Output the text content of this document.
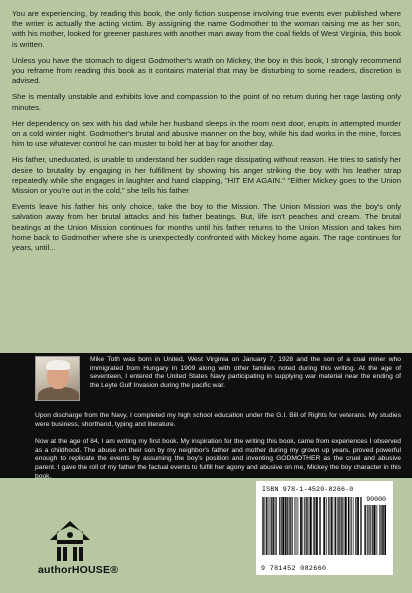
You are experiencing, by reading this book, the only fiction suspense involving true events ever published where the writer is actually the acting victim. By assigning the name Godmother to the woman raising me as her son, with his mother, looked for greener pastures with another man away from the coal fields of West Virginia, this book is written.

Unless you have the stomach to digest Godmother's wrath on Mickey, the boy in this book, I strongly recommend you reframe from reading this book as it contains material that may be disturbing to some readers, discretion is advised.

She is mentally unstable and exhibits love and compassion to the point of no return during her rage lasting only minutes.

Her dependency on sex with his dad while her husband sleeps in the room next door, erupts in attempted murder on a cold winter night. Godmother's brutal and abusive manner on the boy, while his dad works in the mine, forces him to use whatever control he can muster to hold her at bay for another day.

His father, uneducated, is unable to understand her sudden rage dissipating without reason. He tries to satisfy her desire to brutality by engaging in her fulfillment by showing his anger striking the boy with his leather strap repeatedly while she engages in laughter and hand clapping, "HIT EM AGAIN." "Either Mickey goes to the Union Mission or you're out in the cold," she tells his father

Events leave his father his only choice, take the boy to the Mission. The Union Mission was the boy's only salvation away from her brutal attacks and his father beatings. But, life isn't peaches and cream. The brutal beatings at the Union Mission continues for months until his father returns to the Union Mission and takes him home back to Godmother where she is unexpectedly confronted with Mickey home again. The rage continues for years, until...

Mike Toth was born in United, West Virginia on January 7, 1928 and the son of a coal miner who immigrated from Hungary in 1909 along with other families noted during this writing. At the age of seventeen, I entered the United States Navy participating in supplying war material near the ending of the Leyte Gulf Invasion during the pacific war.

Upon discharge from the Navy, I completed my high school education under the G.I. Bill of Rights for veterans. My studies were business, shorthand, typing and literature.

Now at the age of 84, I am writing my first book. My inspiration for the writing this book, came from experiences I observed as a childhood. The abuse on their son by my neighbor's father and mother during my grown up years, proved powerful enough to replicate the events by assuming the boy's position and inventing GODMOTHER as the cruel and abusive parent. I gave the roll of my father the factual events to fulfill her agony and abusive on me, Mickey the boy character in this book.

authorHOUSE®
ISBN 978-1-4520-8266-0
90000
9 781452 082660
